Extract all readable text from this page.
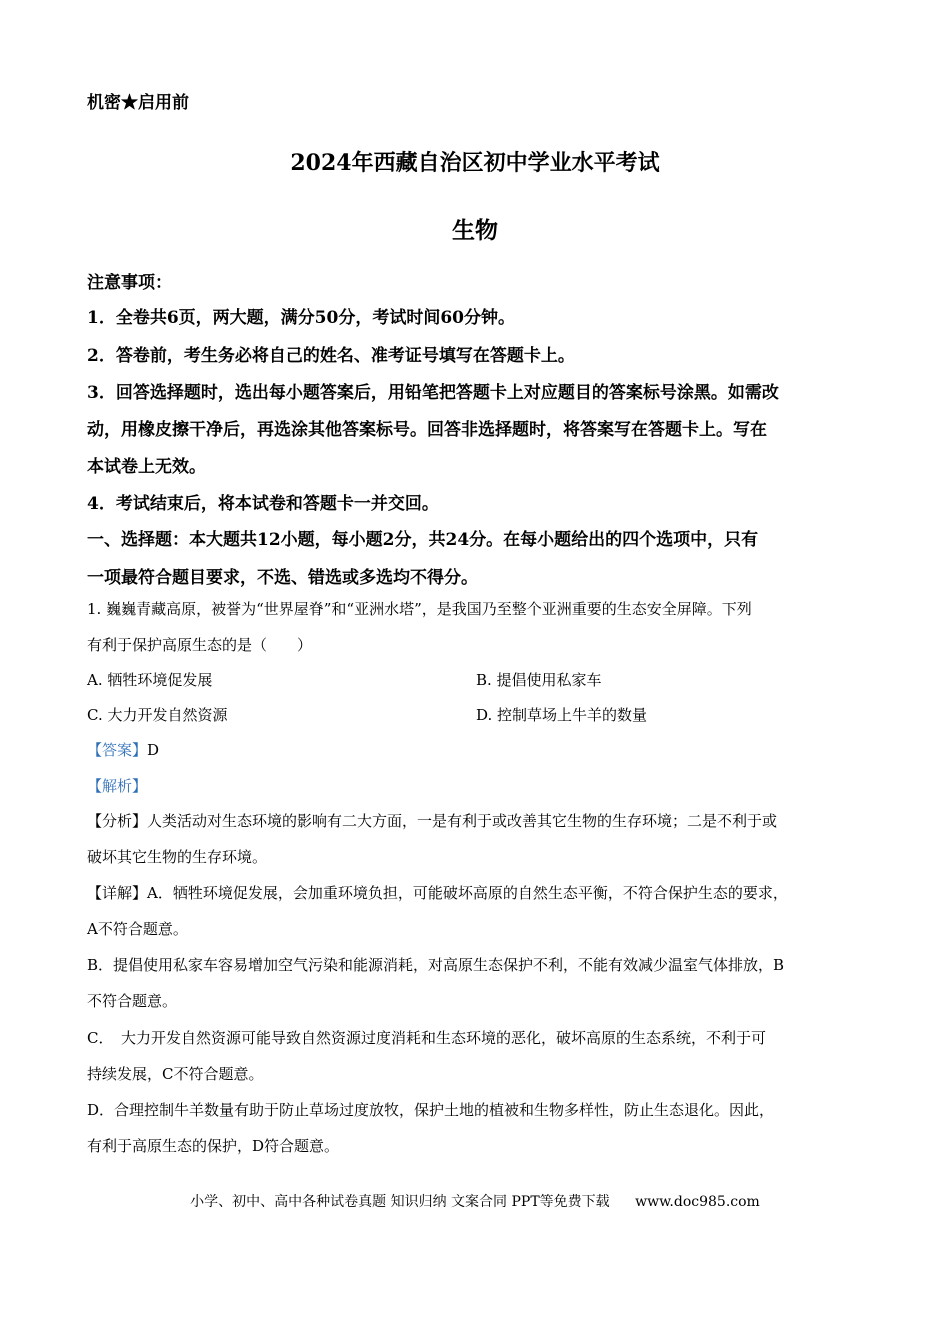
机密★启用前
2024年西藏自治区初中学业水平考试
生物
注意事项：
1．全卷共6页，两大题，满分50分，考试时间60分钟。
2．答卷前，考生务必将自己的姓名、准考证号填写在答题卡上。
3．回答选择题时，选出每小题答案后，用铅笔把答题卡上对应题目的答案标号涂黑。如需改
动，用橡皮擦干净后，再选涂其他答案标号。回答非选择题时，将答案写在答题卡上。写在
本试卷上无效。
4．考试结束后，将本试卷和答题卡一并交回。
一、选择题：本大题共12小题，每小题2分，共24分。在每小题给出的四个选项中，只有
一项最符合题目要求，不选、错选或多选均不得分。
1. 巍巍青藏高原，被誉为“世界屋脊”和“亚洲水塔”，是我国乃至整个亚洲重要的生态安全屏障。下列
有利于保护高原生态的是（　　）
A. 牺牲环境促发展	B. 提倡使用私家车
C. 大力开发自然资源	D. 控制草场上牛羊的数量
【答案】D
【解析】
【分析】人类活动对生态环境的影响有二大方面，一是有利于或改善其它生物的生存环境；二是不利于或
破坏其它生物的生存环境。
【详解】A．牺牲环境促发展，会加重环境负担，可能破坏高原的自然生态平衡，不符合保护生态的要求，
A不符合题意。
B．提倡使用私家车容易增加空气污染和能源消耗，对高原生态保护不利，不能有效减少温室气体排放，B
不符合题意。
C．　大力开发自然资源可能导致自然资源过度消耗和生态环境的恶化，破坏高原的生态系统，不利于可
持续发展，C不符合题意。
D．合理控制牛羊数量有助于防止草场过度放牧，保护土地的植被和生物多样性，防止生态退化。因此，
有利于高原生态的保护，D符合题意。
小学、初中、高中各种试卷真题 知识归纳 文案合同 PPT等免费下载 www.doc985.com
